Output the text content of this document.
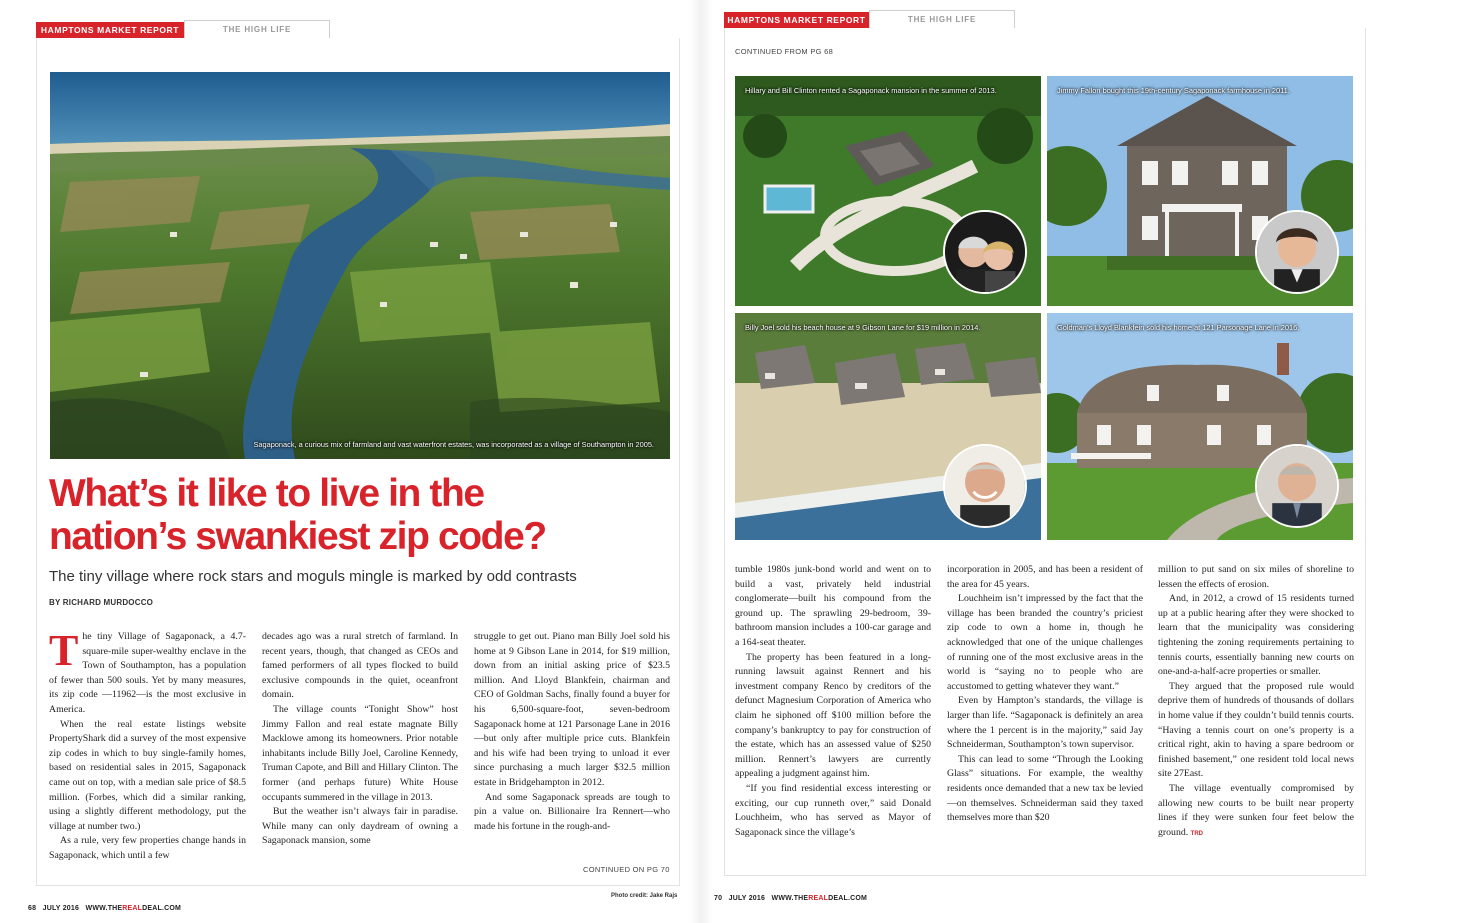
HAMPTONS MARKET REPORT	THE HIGH LIFE
Sagaponack, a curious mix of farmland and vast waterfront estates, was incorporated as a village of Southampton in 2005.
What’s it like to live in the
nation’s swankiest zip code?
The tiny village where rock stars and moguls mingle is marked by odd contrasts
BY RICHARD MURDOCCO

The tiny Village of Sagaponack, a 4.7-square-mile super-wealthy enclave in the Town of Southampton, has a population of fewer than 500 souls. Yet by many measures, its zip code —11962—is the most exclusive in America.

When the real estate listings website PropertyShark did a survey of the most expensive zip codes in which to buy single-family homes, based on residential sales in 2015, Sagaponack came out on top, with a median sale price of $8.5 million. (Forbes, which did a similar ranking, using a slightly different methodology, put the village at number two.)

As a rule, very few properties change hands in Sagaponack, which until a few

decades ago was a rural stretch of farmland. In recent years, though, that changed as CEOs and famed performers of all types flocked to build exclusive compounds in the quiet, oceanfront domain.

The village counts “Tonight Show” host Jimmy Fallon and real estate magnate Billy Macklowe among its homeowners. Prior notable inhabitants include Billy Joel, Caroline Kennedy, Truman Capote, and Bill and Hillary Clinton. The former (and perhaps future) White House occupants summered in the village in 2013.

But the weather isn’t always fair in paradise. While many can only daydream of owning a Sagaponack mansion, some

struggle to get out. Piano man Billy Joel sold his home at 9 Gibson Lane in 2014, for $19 million, down from an initial asking price of $23.5 million. And Lloyd Blankfein, chairman and CEO of Goldman Sachs, finally found a buyer for his 6,500-square-foot, seven-bedroom Sagaponack home at 121 Parsonage Lane in 2016—but only after multiple price cuts. Blankfein and his wife had been trying to unload it ever since purchasing a much larger $32.5 million estate in Bridgehampton in 2012.

And some Sagaponack spreads are tough to pin a value on. Billionaire Ira Rennert—who made his fortune in the rough-and-

CONTINUED ON PG 70
Photo credit: Jake Rajs
68 JULY 2016 WWW.THEREALDEAL.COM
HAMPTONS MARKET REPORT	THE HIGH LIFE
CONTINUED FROM PG 68
Hillary and Bill Clinton rented a Sagaponack mansion in the summer of 2013.	Jimmy Fallon bought this 19th-century Sagaponack farmhouse in 2011.
Billy Joel sold his beach house at 9 Gibson Lane for $19 million in 2014.	Goldman’s Lloyd Blankfein sold his home at 121 Parsonage Lane in 2016.

tumble 1980s junk-bond world and went on to build a vast, privately held industrial conglomerate—built his compound from the ground up. The sprawling 29-bedroom, 39-bathroom mansion includes a 100-car garage and a 164-seat theater.

The property has been featured in a long-running lawsuit against Rennert and his investment company Renco by creditors of the defunct Magnesium Corporation of America who claim he siphoned off $100 million before the company’s bankruptcy to pay for construction of the estate, which has an assessed value of $250 million. Rennert’s lawyers are currently appealing a judgment against him.

“If you find residential excess interesting or exciting, our cup runneth over,” said Donald Louchheim, who has served as Mayor of Sagaponack since the village’s

incorporation in 2005, and has been a resident of the area for 45 years.

Louchheim isn’t impressed by the fact that the village has been branded the country’s priciest zip code to own a home in, though he acknowledged that one of the unique challenges of running one of the most exclusive areas in the world is “saying no to people who are accustomed to getting whatever they want.”

Even by Hampton’s standards, the village is larger than life. “Sagaponack is definitely an area where the 1 percent is in the majority,” said Jay Schneiderman, Southampton’s town supervisor.

This can lead to some “Through the Looking Glass” situations. For example, the wealthy residents once demanded that a new tax be levied—on themselves. Schneiderman said they taxed themselves more than $20

million to put sand on six miles of shoreline to lessen the effects of erosion.

And, in 2012, a crowd of 15 residents turned up at a public hearing after they were shocked to learn that the municipality was considering tightening the zoning requirements pertaining to tennis courts, essentially banning new courts on one-and-a-half-acre properties or smaller.

They argued that the proposed rule would deprive them of hundreds of thousands of dollars in home value if they couldn’t build tennis courts. “Having a tennis court on one’s property is a critical right, akin to having a spare bedroom or finished basement,” one resident told local news site 27East.

The village eventually compromised by allowing new courts to be built near property lines if they were sunken four feet below the ground. TRD

70 JULY 2016 WWW.THEREALDEAL.COM
